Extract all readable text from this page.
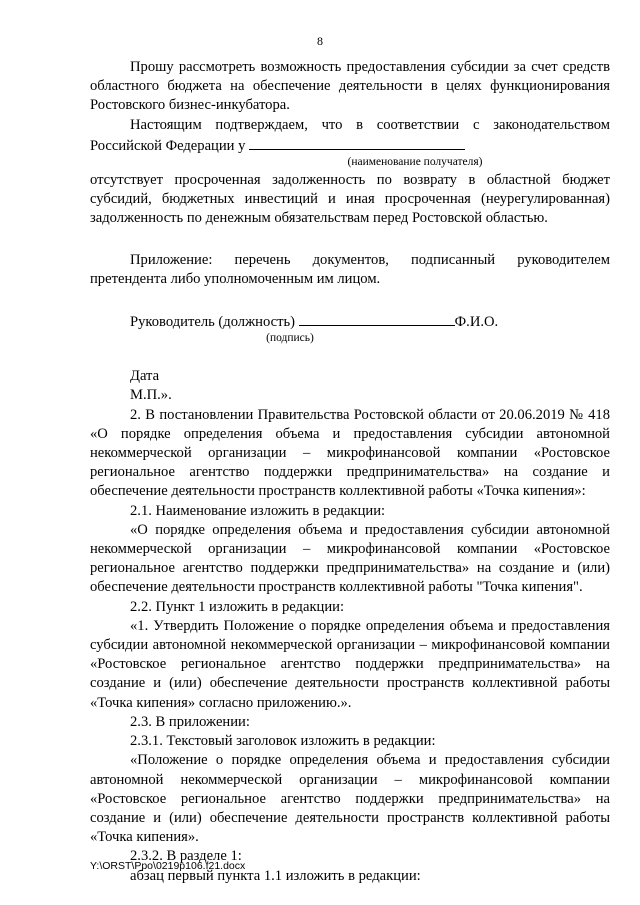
8

Прошу рассмотреть возможность предоставления субсидии за счет средств областного бюджета на обеспечение деятельности в целях функционирования Ростовского бизнес-инкубатора.

Настоящим подтверждаем, что в соответствии с законодательством Российской Федерации у

(наименование получателя)

отсутствует просроченная задолженность по возврату в областной бюджет субсидий, бюджетных инвестиций и иная просроченная (неурегулированная) задолженность по денежным обязательствам перед Ростовской областью.

Приложение: перечень документов, подписанный руководителем претендента либо уполномоченным им лицом.

Руководитель (должность)	Ф.И.О.

(подпись)

Дата

М.П.».

2. В постановлении Правительства Ростовской области от 20.06.2019 № 418 «О порядке определения объема и предоставления субсидии автономной некоммерческой организации – микрофинансовой компании «Ростовское региональное агентство поддержки предпринимательства» на создание и обеспечение деятельности пространств коллективной работы «Точка кипения»:

2.1. Наименование изложить в редакции:

«О порядке определения объема и предоставления субсидии автономной некоммерческой организации – микрофинансовой компании «Ростовское региональное агентство поддержки предпринимательства» на создание и (или) обеспечение деятельности пространств коллективной работы "Точка кипения".

2.2. Пункт 1 изложить в редакции:

«1. Утвердить Положение о порядке определения объема и предоставления субсидии автономной некоммерческой организации – микрофинансовой компании «Ростовское региональное агентство поддержки предпринимательства» на создание и (или) обеспечение деятельности пространств коллективной работы «Точка кипения» согласно приложению.».

2.3. В приложении:

2.3.1. Текстовый заголовок изложить в редакции:

«Положение о порядке определения объема и предоставления субсидии автономной некоммерческой организации – микрофинансовой компании «Ростовское региональное агентство поддержки предпринимательства» на создание и (или) обеспечение деятельности пространств коллективной работы «Точка кипения».

2.3.2. В разделе 1:

абзац первый пункта 1.1 изложить в редакции:

Y:\ORST\Ppo\0219p106.f21.docx
